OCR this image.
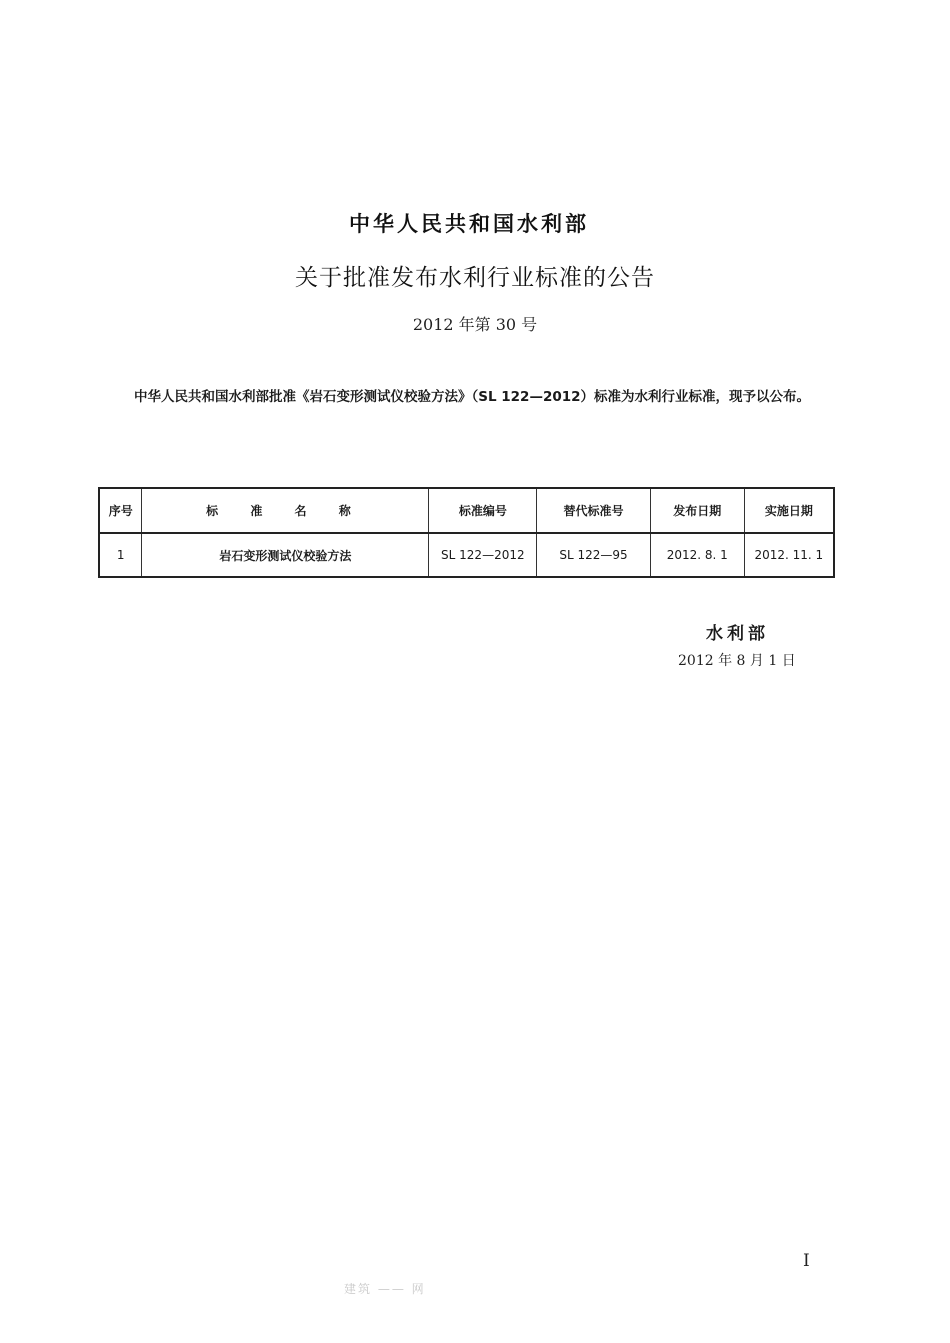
中华人民共和国水利部
关于批准发布水利行业标准的公告
2012 年第 30 号
中华人民共和国水利部批准《岩石变形测试仪校验方法》（SL 122—2012）标准为水利行业标准，现予以公布。
序号	标 准 名 称	标准编号	替代标准号	发布日期	实施日期
1	岩石变形测试仪校验方法	SL 122—2012	SL 122—95	2012. 8. 1	2012. 11. 1
水利部
2012 年 8 月 1 日
I
建筑 —— 网
